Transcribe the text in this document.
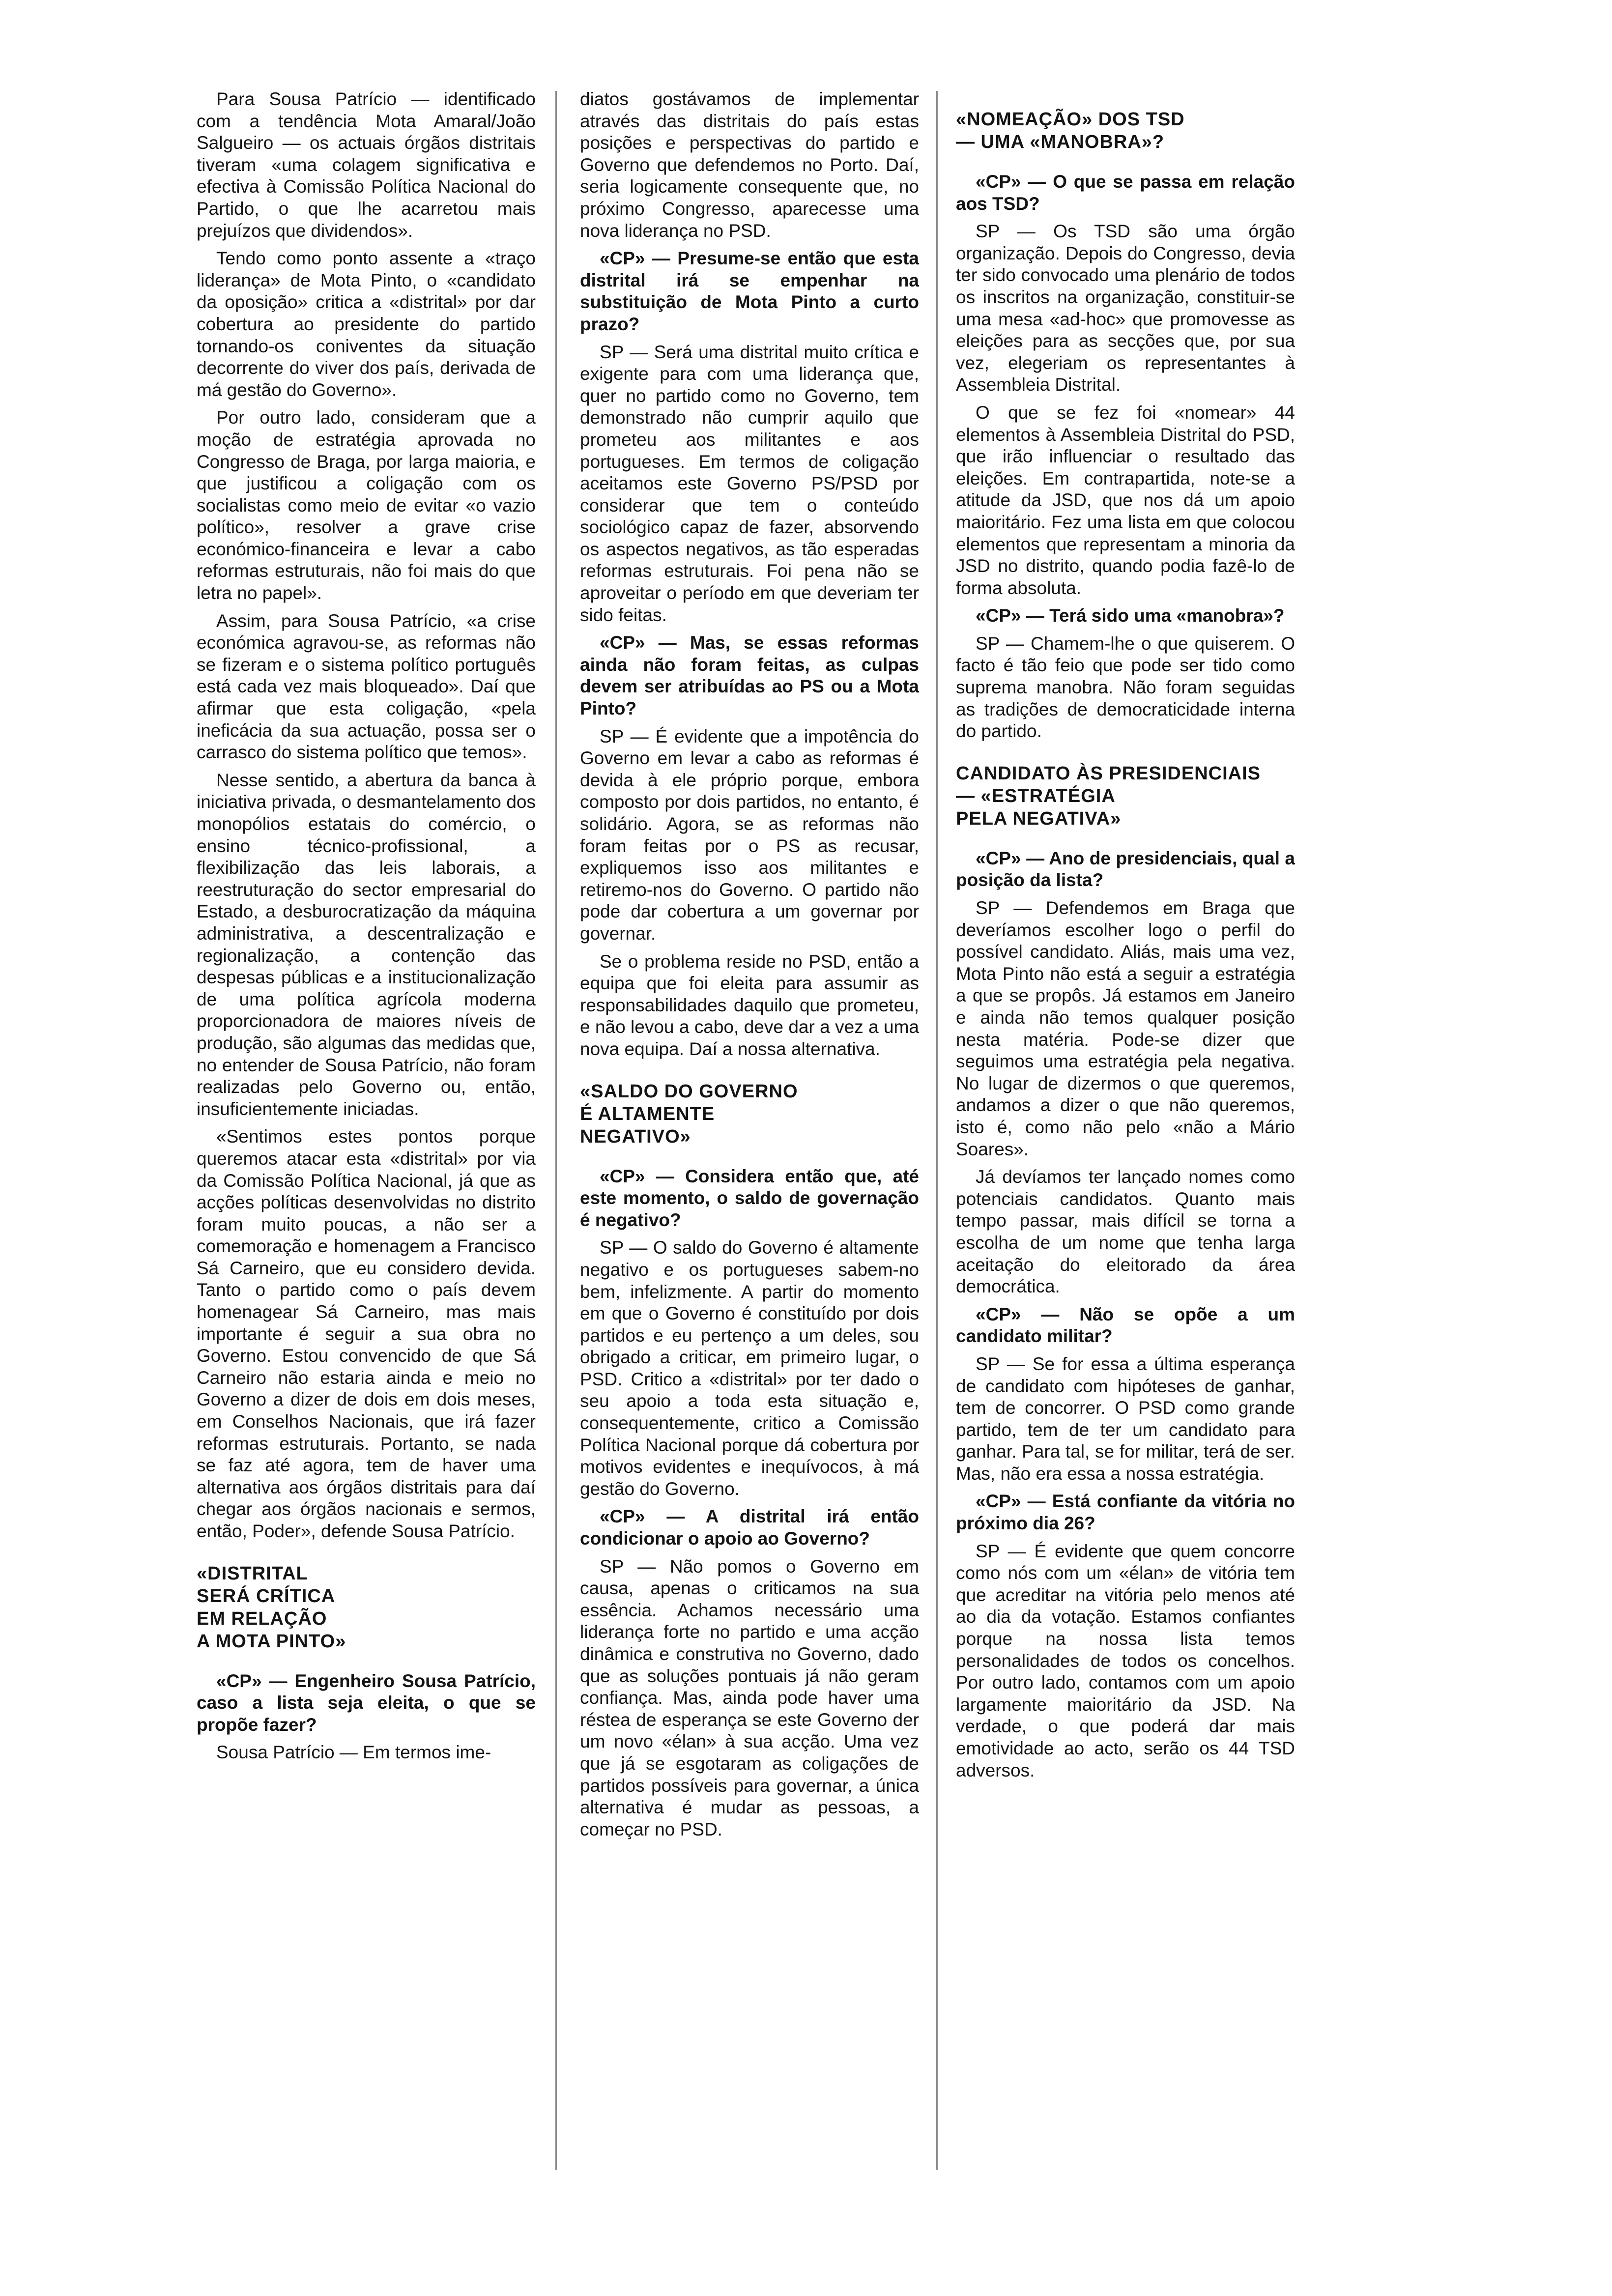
Para Sousa Patrício — identificado com a tendência Mota Amaral/João Salgueiro — os actuais órgãos distritais tiveram «uma colagem significativa e efectiva à Comissão Política Nacional do Partido, o que lhe acarretou mais prejuízos que dividendos».

Tendo como ponto assente a «traço liderança» de Mota Pinto, o «candidato da oposição» critica a «distrital» por dar cobertura ao presidente do partido tornando-os coniventes da situação decorrente do viver dos país, derivada de má gestão do Governo».

Por outro lado, consideram que a moção de estratégia aprovada no Congresso de Braga, por larga maioria, e que justificou a coligação com os socialistas como meio de evitar «o vazio político», resolver a grave crise económico-financeira e levar a cabo reformas estruturais, não foi mais do que letra no papel».

Assim, para Sousa Patrício, «a crise económica agravou-se, as reformas não se fizeram e o sistema político português está cada vez mais bloqueado». Daí que afirmar que esta coligação, «pela ineficácia da sua actuação, possa ser o carrasco do sistema político que temos».

Nesse sentido, a abertura da banca à iniciativa privada, o desmantelamento dos monopólios estatais do comércio, o ensino técnico-profissional, a flexibilização das leis laborais, a reestruturação do sector empresarial do Estado, a desburocratização da máquina administrativa, a descentralização e regionalização, a contenção das despesas públicas e a institucionalização de uma política agrícola moderna proporcionadora de maiores níveis de produção, são algumas das medidas que, no entender de Sousa Patrício, não foram realizadas pelo Governo ou, então, insuficientemente iniciadas.

«Sentimos estes pontos porque queremos atacar esta «distrital» por via da Comissão Política Nacional, já que as acções políticas desenvolvidas no distrito foram muito poucas, a não ser a comemoração e homenagem a Francisco Sá Carneiro, que eu considero devida. Tanto o partido como o país devem homenagear Sá Carneiro, mas mais importante é seguir a sua obra no Governo. Estou convencido de que Sá Carneiro não estaria ainda e meio no Governo a dizer de dois em dois meses, em Conselhos Nacionais, que irá fazer reformas estruturais. Portanto, se nada se faz até agora, tem de haver uma alternativa aos órgãos distritais para daí chegar aos órgãos nacionais e sermos, então, Poder», defende Sousa Patrício.

«DISTRITAL
SERÁ CRÍTICA
EM RELAÇÃO
A MOTA PINTO»

«CP» — Engenheiro Sousa Patrício, caso a lista seja eleita, o que se propõe fazer?

Sousa Patrício — Em termos ime-

diatos gostávamos de implementar através das distritais do país estas posições e perspectivas do partido e Governo que defendemos no Porto. Daí, seria logicamente consequente que, no próximo Congresso, aparecesse uma nova liderança no PSD.

«CP» — Presume-se então que esta distrital irá se empenhar na substituição de Mota Pinto a curto prazo?

SP — Será uma distrital muito crítica e exigente para com uma liderança que, quer no partido como no Governo, tem demonstrado não cumprir aquilo que prometeu aos militantes e aos portugueses. Em termos de coligação aceitamos este Governo PS/PSD por considerar que tem o conteúdo sociológico capaz de fazer, absorvendo os aspectos negativos, as tão esperadas reformas estruturais. Foi pena não se aproveitar o período em que deveriam ter sido feitas.

«CP» — Mas, se essas reformas ainda não foram feitas, as culpas devem ser atribuídas ao PS ou a Mota Pinto?

SP — É evidente que a impotência do Governo em levar a cabo as reformas é devida à ele próprio porque, embora composto por dois partidos, no entanto, é solidário. Agora, se as reformas não foram feitas por o PS as recusar, expliquemos isso aos militantes e retiremo-nos do Governo. O partido não pode dar cobertura a um governar por governar.

Se o problema reside no PSD, então a equipa que foi eleita para assumir as responsabilidades daquilo que prometeu, e não levou a cabo, deve dar a vez a uma nova equipa. Daí a nossa alternativa.

«SALDO DO GOVERNO
É ALTAMENTE
NEGATIVO»

«CP» — Considera então que, até este momento, o saldo de governação é negativo?

SP — O saldo do Governo é altamente negativo e os portugueses sabem-no bem, infelizmente. A partir do momento em que o Governo é constituído por dois partidos e eu pertenço a um deles, sou obrigado a criticar, em primeiro lugar, o PSD. Critico a «distrital» por ter dado o seu apoio a toda esta situação e, consequentemente, critico a Comissão Política Nacional porque dá cobertura por motivos evidentes e inequívocos, à má gestão do Governo.

«CP» — A distrital irá então condicionar o apoio ao Governo?

SP — Não pomos o Governo em causa, apenas o criticamos na sua essência. Achamos necessário uma liderança forte no partido e uma acção dinâmica e construtiva no Governo, dado que as soluções pontuais já não geram confiança. Mas, ainda pode haver uma réstea de esperança se este Governo der um novo «élan» à sua acção. Uma vez que já se esgotaram as coligações de partidos possíveis para governar, a única alternativa é mudar as pessoas, a começar no PSD.

«NOMEAÇÃO» DOS TSD
— UMA «MANOBRA»?

«CP» — O que se passa em relação aos TSD?

SP — Os TSD são uma órgão organização. Depois do Congresso, devia ter sido convocado uma plenário de todos os inscritos na organização, constituir-se uma mesa «ad-hoc» que promovesse as eleições para as secções que, por sua vez, elegeriam os representantes à Assembleia Distrital.

O que se fez foi «nomear» 44 elementos à Assembleia Distrital do PSD, que irão influenciar o resultado das eleições. Em contrapartida, note-se a atitude da JSD, que nos dá um apoio maioritário. Fez uma lista em que colocou elementos que representam a minoria da JSD no distrito, quando podia fazê-lo de forma absoluta.

«CP» — Terá sido uma «manobra»?

SP — Chamem-lhe o que quiserem. O facto é tão feio que pode ser tido como suprema manobra. Não foram seguidas as tradições de democraticidade interna do partido.

CANDIDATO ÀS PRESIDENCIAIS
— «ESTRATÉGIA
PELA NEGATIVA»

«CP» — Ano de presidenciais, qual a posição da lista?

SP — Defendemos em Braga que deveríamos escolher logo o perfil do possível candidato. Aliás, mais uma vez, Mota Pinto não está a seguir a estratégia a que se propôs. Já estamos em Janeiro e ainda não temos qualquer posição nesta matéria. Pode-se dizer que seguimos uma estratégia pela negativa. No lugar de dizermos o que queremos, andamos a dizer o que não queremos, isto é, como não pelo «não a Mário Soares».

Já devíamos ter lançado nomes como potenciais candidatos. Quanto mais tempo passar, mais difícil se torna a escolha de um nome que tenha larga aceitação do eleitorado da área democrática.

«CP» — Não se opõe a um candidato militar?

SP — Se for essa a última esperança de candidato com hipóteses de ganhar, tem de concorrer. O PSD como grande partido, tem de ter um candidato para ganhar. Para tal, se for militar, terá de ser. Mas, não era essa a nossa estratégia.

«CP» — Está confiante da vitória no próximo dia 26?

SP — É evidente que quem concorre como nós com um «élan» de vitória tem que acreditar na vitória pelo menos até ao dia da votação. Estamos confiantes porque na nossa lista temos personalidades de todos os concelhos. Por outro lado, contamos com um apoio largamente maioritário da JSD. Na verdade, o que poderá dar mais emotividade ao acto, serão os 44 TSD adversos.
